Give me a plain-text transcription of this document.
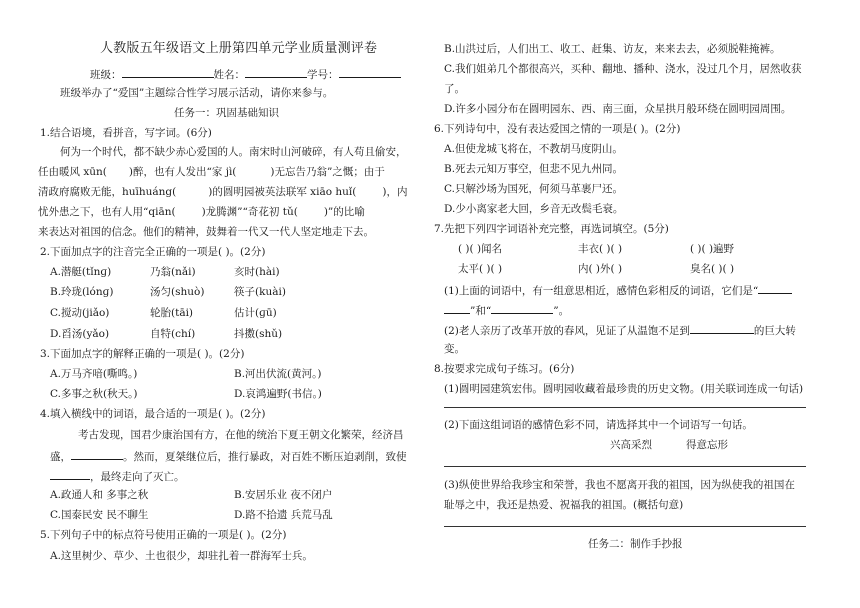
人教版五年级语文上册第四单元学业质量测评卷
班级：	姓名：	学号：
班级举办了“爱国”主题综合性学习展示活动，请你来参与。
任务一：巩固基础知识
1.结合语境，看拼音，写字词。(6分)
何为一个时代，都不缺少赤心爱国的人。南宋时山河破碎，有人苟且偷安，
任由暖风 xūn( )醉，也有人发出“家 jì(	)无忘告乃翁”之慨；由于
清政府腐败无能，huīhuáng(	)的圆明园被英法联军 xiāo huǐ( )，内
忧外患之下，也有人用“qiān( )龙腾渊”“奇花初 tǔ( )”的比喻
来表达对祖国的信念。他们的精神，鼓舞着一代又一代人坚定地走下去。
2.下面加点字的注音完全正确的一项是( )。(2分)
A.潜艇(tǐnɡ)	乃翁(nǎi)	亥时(hài)
B.玲珑(lónɡ)	汤匀(shuò)	筷子(kuài)
C.搅动(jiǎo)	轮胎(tāi)	估计(ɡū)
D.舀汤(yǎo)	自特(chí)	抖擞(shǔ)
3.下面加点字的解释正确的一项是( )。(2分)
A.万马齐喑(嘶鸣。)	B.河出伏流(黄河。)
C.多事之秋(秋天。)	D.哀鸿遍野(书信。)
4.填入横线中的词语，最合适的一项是( )。(2分)
考古发现，国君少康治国有方，在他的统治下夏王朝文化繁荣，经济昌
盛，	。然而，夏桀继位后，推行暴政，对百姓不断压迫剥削，致使
，最终走向了灭亡。
A.政通人和 多事之秋	B.安居乐业 夜不闭户
C.国泰民安 民不聊生	D.路不拾遗 兵荒马乱
5.下列句子中的标点符号使用正确的一项是( )。(2分)
A.这里树少、草少、土也很少，却驻扎着一群海军士兵。
B.山洪过后，人们出工、收工、赶集、访友，来来去去，必须脱鞋掩裤。
C.我们姐弟几个都很高兴，买种、翻地、播种、浇水，没过几个月，居然收获
了。
D.许多小园分布在圆明园东、西、南三面，众星拱月般环绕在圆明园周围。
6.下列诗句中，没有表达爱国之情的一项是( )。(2分)
A.但使龙城飞将在，不教胡马度阴山。
B.死去元知万事空，但悲不见九州同。
C.只解沙场为国死，何须马革裹尸还。
D.少小离家老大回，乡音无改鬓毛衰。
7.先把下列四字词语补充完整，再选词填空。(5分)
( )( )闻名	丰衣( )( )	( )( )遍野
太平( )( )	内( )外( )	臭名( )( )
(1)上面的词语中，有一组意思相近，感情色彩相反的词语，它们是“
”和“	”。
(2)老人亲历了改革开放的春风，见证了从温饱不足到	的巨大转
变。
8.按要求完成句子练习。(6分)
(1)圆明园建筑宏伟。圆明园收藏着最珍贵的历史文物。(用关联词连成一句话)
(2)下面这组词语的感情色彩不同，请选择其中一个词语写一句话。
兴高采烈	得意忘形
(3)纵使世界给我珍宝和荣誉，我也不愿离开我的祖国，因为纵使我的祖国在
耻辱之中，我还是热爱、祝福我的祖国。(概括句意)
任务二：制作手抄报
